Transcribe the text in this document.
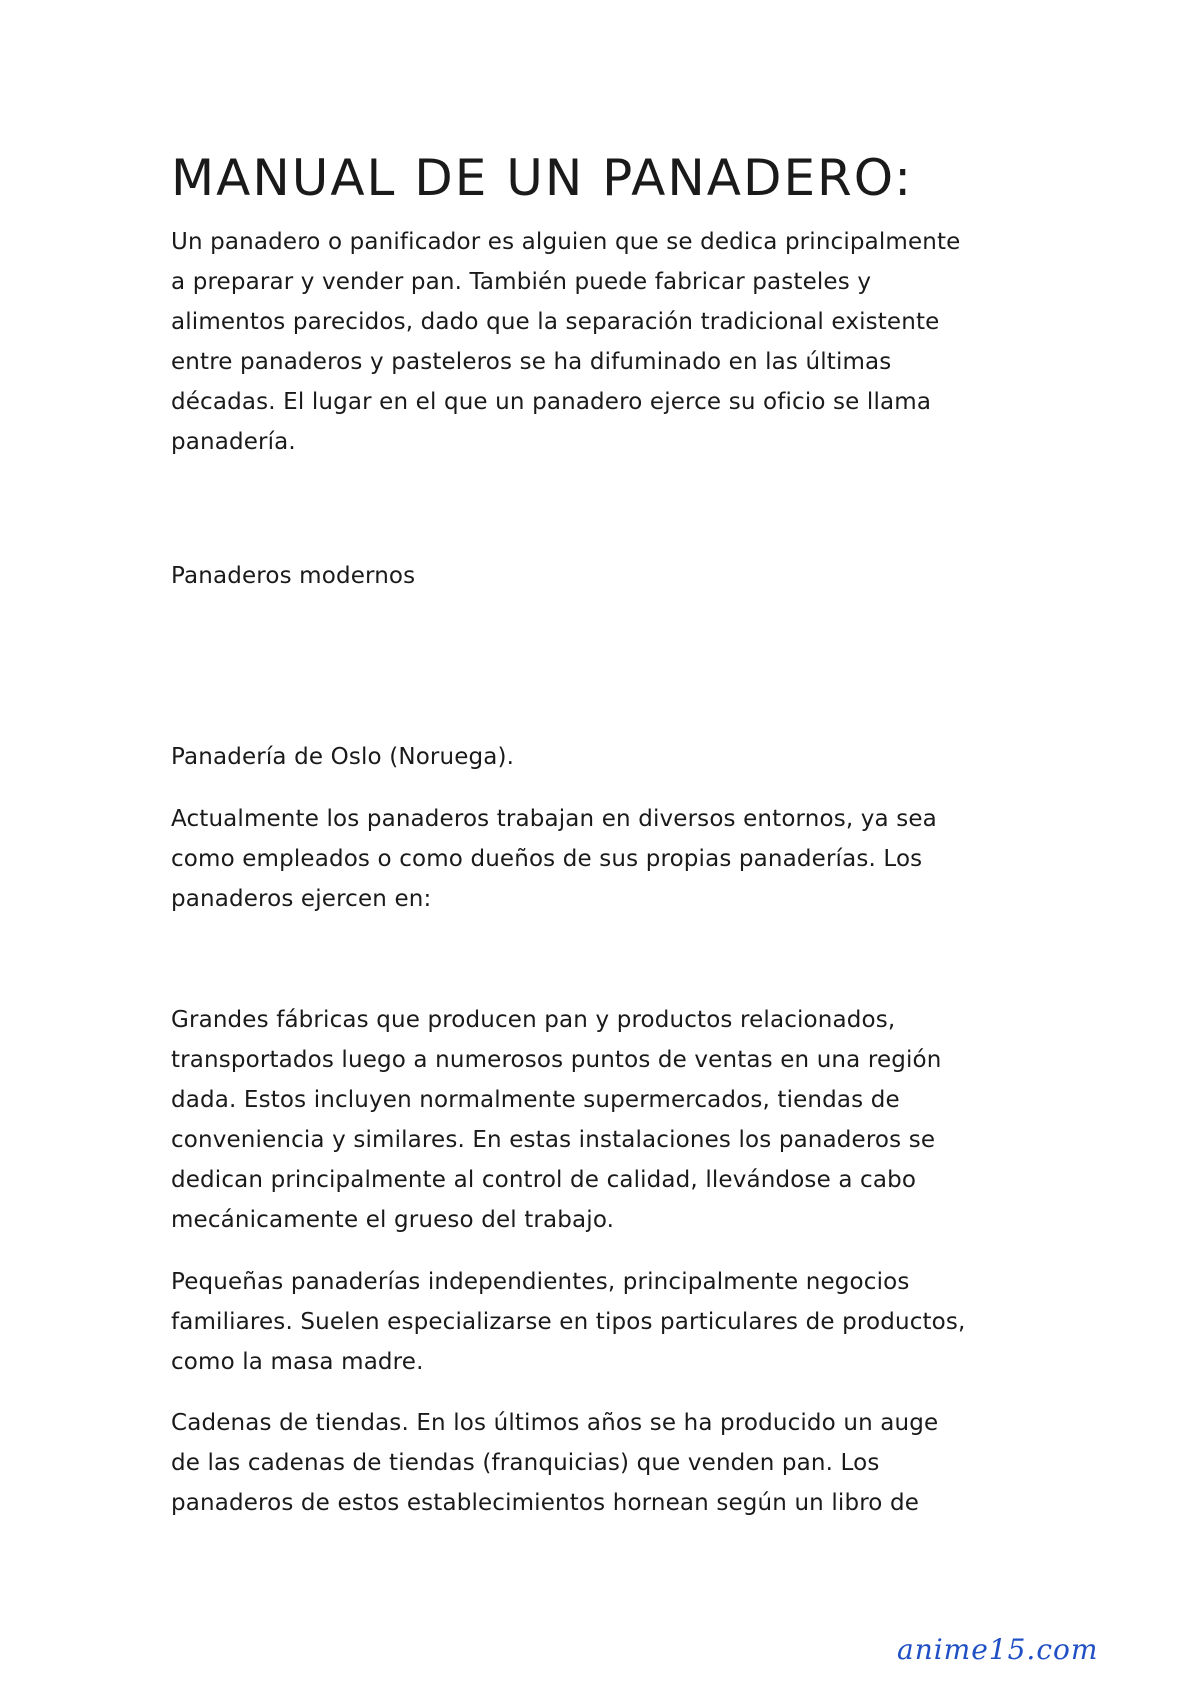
MANUAL DE UN PANADERO:

Un panadero o panificador es alguien que se dedica principalmente
a preparar y vender pan. También puede fabricar pasteles y
alimentos parecidos, dado que la separación tradicional existente
entre panaderos y pasteleros se ha difuminado en las últimas
décadas. El lugar en el que un panadero ejerce su oficio se llama
panadería.

Panaderos modernos

Panadería de Oslo (Noruega).

Actualmente los panaderos trabajan en diversos entornos, ya sea
como empleados o como dueños de sus propias panaderías. Los
panaderos ejercen en:

Grandes fábricas que producen pan y productos relacionados,
transportados luego a numerosos puntos de ventas en una región
dada. Estos incluyen normalmente supermercados, tiendas de
conveniencia y similares. En estas instalaciones los panaderos se
dedican principalmente al control de calidad, llevándose a cabo
mecánicamente el grueso del trabajo.

Pequeñas panaderías independientes, principalmente negocios
familiares. Suelen especializarse en tipos particulares de productos,
como la masa madre.

Cadenas de tiendas. En los últimos años se ha producido un auge
de las cadenas de tiendas (franquicias) que venden pan. Los
panaderos de estos establecimientos hornean según un libro de

anime15.com
